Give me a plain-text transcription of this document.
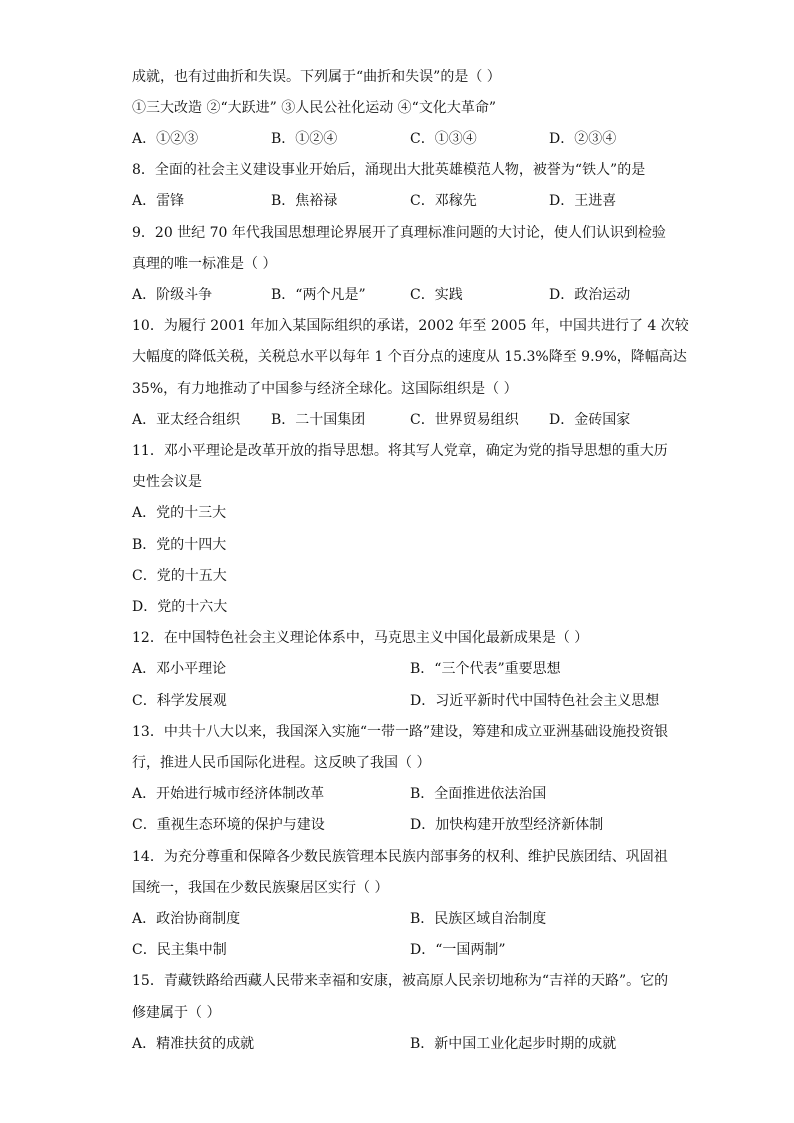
成就，也有过曲折和失误。下列属于“曲折和失误”的是（ ）
①三大改造 ②“大跃进” ③人民公社化运动 ④“文化大革命”
A．①②③	B．①②④	C．①③④	D．②③④
8．全面的社会主义建设事业开始后，涌现出大批英雄模范人物，被誉为“铁人”的是
A．雷锋	B．焦裕禄	C．邓稼先	D．王进喜
9．20 世纪 70 年代我国思想理论界展开了真理标准问题的大讨论，使人们认识到检验
真理的唯一标准是（ ）
A．阶级斗争	B．“两个凡是”	C．实践	D．政治运动
10．为履行 2001 年加入某国际组织的承诺，2002 年至 2005 年，中国共进行了 4 次较
大幅度的降低关税，关税总水平以每年 1 个百分点的速度从 15.3%降至 9.9%，降幅高达
35%，有力地推动了中国参与经济全球化。这国际组织是（ ）
A．亚太经合组织 B．二十国集团	C．世界贸易组织 D．金砖国家
11．邓小平理论是改革开放的指导思想。将其写人党章，确定为党的指导思想的重大历
史性会议是
A．党的十三大
B．党的十四大
C．党的十五大
D．党的十六大
12．在中国特色社会主义理论体系中，马克思主义中国化最新成果是（ ）
A．邓小平理论	B．“三个代表”重要思想
C．科学发展观	D．习近平新时代中国特色社会主义思想
13．中共十八大以来，我国深入实施“一带一路”建设，筹建和成立亚洲基础设施投资银
行，推进人民币国际化进程。这反映了我国（ ）
A．开始进行城市经济体制改革	B．全面推进依法治国
C．重视生态环境的保护与建设	D．加快构建开放型经济新体制
14．为充分尊重和保障各少数民族管理本民族内部事务的权利、维护民族团结、巩固祖
国统一，我国在少数民族聚居区实行（ ）
A．政治协商制度	B．民族区域自治制度
C．民主集中制	D．“一国两制”
15．青藏铁路给西藏人民带来幸福和安康，被高原人民亲切地称为“吉祥的天路”。它的
修建属于（ ）
A．精准扶贫的成就	B．新中国工业化起步时期的成就
